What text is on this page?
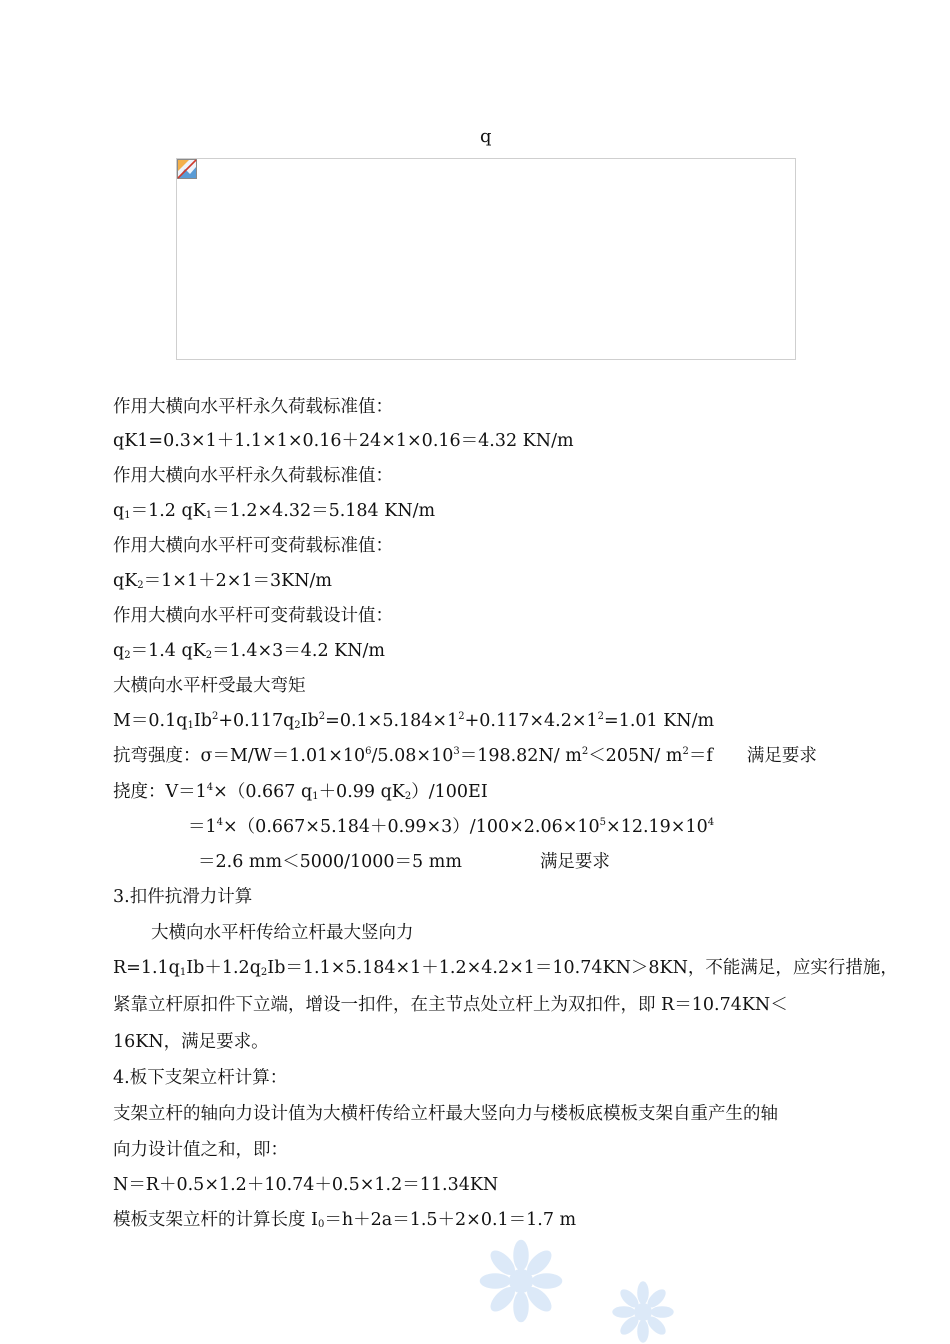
q
作用大横向水平杆永久荷载标准值：
qK1=0.3×1＋1.1×1×0.16＋24×1×0.16＝4.32 KN/m
作用大横向水平杆永久荷载标准值：
$q_1=1.2$ $qK_1=1.2\times 4.32=5.184$ KN/m
作用大横向水平杆可变荷载标准值：
$qK_2=1\times 1+2\times 1=3KN/m$
作用大横向水平杆可变荷载设计值：
$q_2=1.4$ $qK_2=1.4\times 3=4.2$ KN/m
大横向水平杆受最大弯矩
$M=0.1q_1Ib^2+0.117q_2Ib^2=0.1\times 5.184\times 1^2+0.117\times 4.2\times 1^2=1.01$ KN/m
抗弯强度：$\sigma=M/W=1.01\times 10^6/5.08\times 10^3=198.82N/$ $m^2<205N/$ $m^2=f$ 满足要求
挠度：$V=1^4\times(0.667$ $q_1+0.99$ $qK_2)/100EI$
$=1^4\times(0.667\times 5.184+0.99\times 3)/100\times 2.06\times 10^5\times 12.19\times 10^4$
＝2.6 mm＜5000/1000＝5 mm	满足要求
3.扣件抗滑力计算
大横向水平杆传给立杆最大竖向力
$R=1.1q_1Ib+1.2q_2Ib=1.1\times 5.184\times 1+1.2\times 4.2\times 1=10.74KN>8KN$，不能满足，应实行措施，
紧靠立杆原扣件下立端，增设一扣件，在主节点处立杆上为双扣件，即 R＝10.74KN＜
16KN，满足要求。
4.板下支架立杆计算：
支架立杆的轴向力设计值为大横杆传给立杆最大竖向力与楼板底模板支架自重产生的轴
向力设计值之和，即：
N＝R＋0.5×1.2＋10.74＋0.5×1.2＝11.34KN
模板支架立杆的计算长度 $I_0=h+2a=1.5+2\times 0.1=1.7$ m
